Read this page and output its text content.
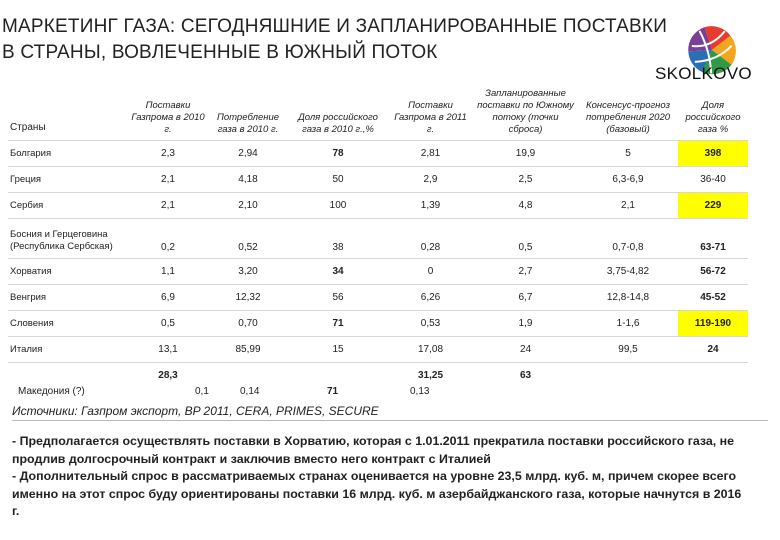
МАРКЕТИНГ ГАЗА: СЕГОДНЯШНИЕ И ЗАПЛАНИРОВАННЫЕ ПОСТАВКИ
В СТРАНЫ, ВОВЛЕЧЕННЫЕ В ЮЖНЫЙ ПОТОК
SKOLKOVO
Страны	Поставки Газпрома в 2010 г.	Потребление газа в 2010 г.	Доля российского газа в 2010 г.,%	Поставки Газпрома в 2011 г.	Запланированные поставки по Южному потоку (точки сброса)	Консенсус-прогноз потребления 2020 (базовый)	Доля российского газа %
Болгария	2,3	2,94	78	2,81	19,9	5	398
Греция	2,1	4,18	50	2,9	2,5	6,3-6,9	36-40
Сербия	2,1	2,10	100	1,39	4,8	2,1	229
Босния и Герцеговина (Республика Сербская)	0,2	0,52	38	0,28	0,5	0,7-0,8	63-71
Хорватия	1,1	3,20	34	0	2,7	3,75-4,82	56-72
Венгрия	6,9	12,32	56	6,26	6,7	12,8-14,8	45-52
Словения	0,5	0,70	71	0,53	1,9	1-1,6	119-190
Италия	13,1	85,99	15	17,08	24	99,5	24
	28,3			31,25	63		
Македония (?)	0,1	0,14	71	0,13
Источники: Газпром экспорт, BP 2011, CERA, PRIMES, SECURE

- Предполагается осуществлять поставки в Хорватию, которая с 1.01.2011 прекратила поставки российского газа, не продлив долгосрочный контракт и заключив вместо него контракт с Италией

- Дополнительный спрос в рассматриваемых странах оценивается на уровне 23,5 млрд. куб. м, причем скорее всего именно на этот спрос буду ориентированы поставки 16 млрд. куб. м азербайджанского газа, которые начнутся в 2016 г.
